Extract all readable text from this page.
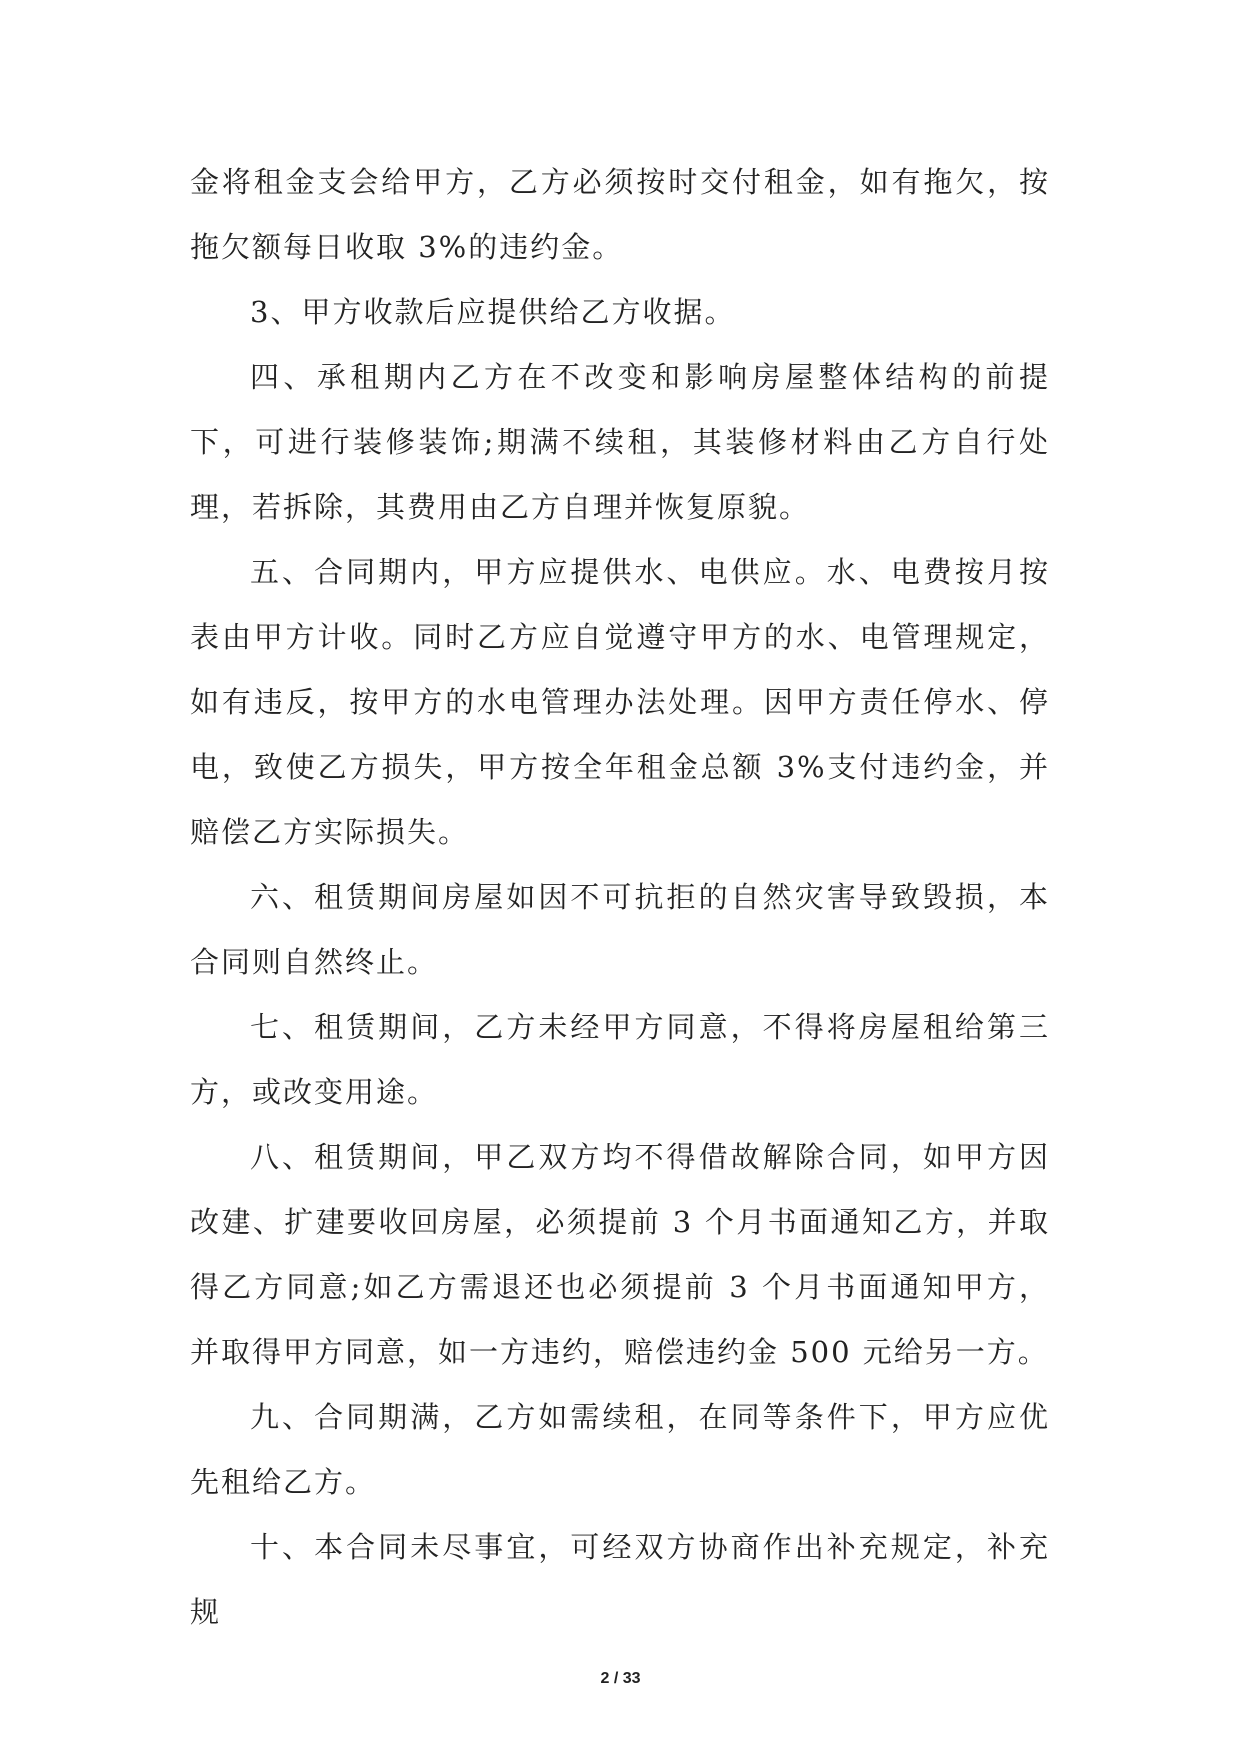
金将租金支会给甲方，乙方必须按时交付租金，如有拖欠，按拖欠额每日收取 3%的违约金。

3、甲方收款后应提供给乙方收据。

四、承租期内乙方在不改变和影响房屋整体结构的前提下，可进行装修装饰;期满不续租，其装修材料由乙方自行处理，若拆除，其费用由乙方自理并恢复原貌。

五、合同期内，甲方应提供水、电供应。水、电费按月按表由甲方计收。同时乙方应自觉遵守甲方的水、电管理规定，如有违反，按甲方的水电管理办法处理。因甲方责任停水、停电，致使乙方损失，甲方按全年租金总额 3%支付违约金，并赔偿乙方实际损失。

六、租赁期间房屋如因不可抗拒的自然灾害导致毁损，本合同则自然终止。

七、租赁期间，乙方未经甲方同意，不得将房屋租给第三方，或改变用途。

八、租赁期间，甲乙双方均不得借故解除合同，如甲方因改建、扩建要收回房屋，必须提前 3 个月书面通知乙方，并取得乙方同意;如乙方需退还也必须提前 3 个月书面通知甲方，并取得甲方同意，如一方违约，赔偿违约金 500 元给另一方。

九、合同期满，乙方如需续租，在同等条件下，甲方应优先租给乙方。

十、本合同未尽事宜，可经双方协商作出补充规定，补充规

2 / 33
